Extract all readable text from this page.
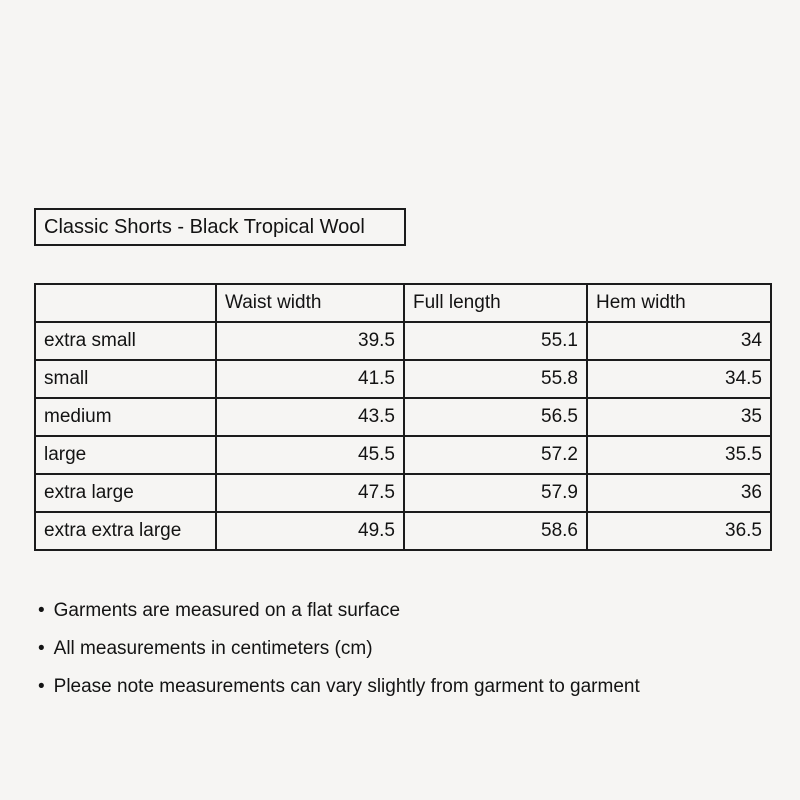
Classic Shorts - Black Tropical Wool
	Waist width	Full length	Hem width
extra small	39.5	55.1	34
small	41.5	55.8	34.5
medium	43.5	56.5	35
large	45.5	57.2	35.5
extra large	47.5	57.9	36
extra extra large	49.5	58.6	36.5
• Garments are measured on a flat surface
• All measurements in centimeters (cm)
• Please note measurements can vary slightly from garment to garment
